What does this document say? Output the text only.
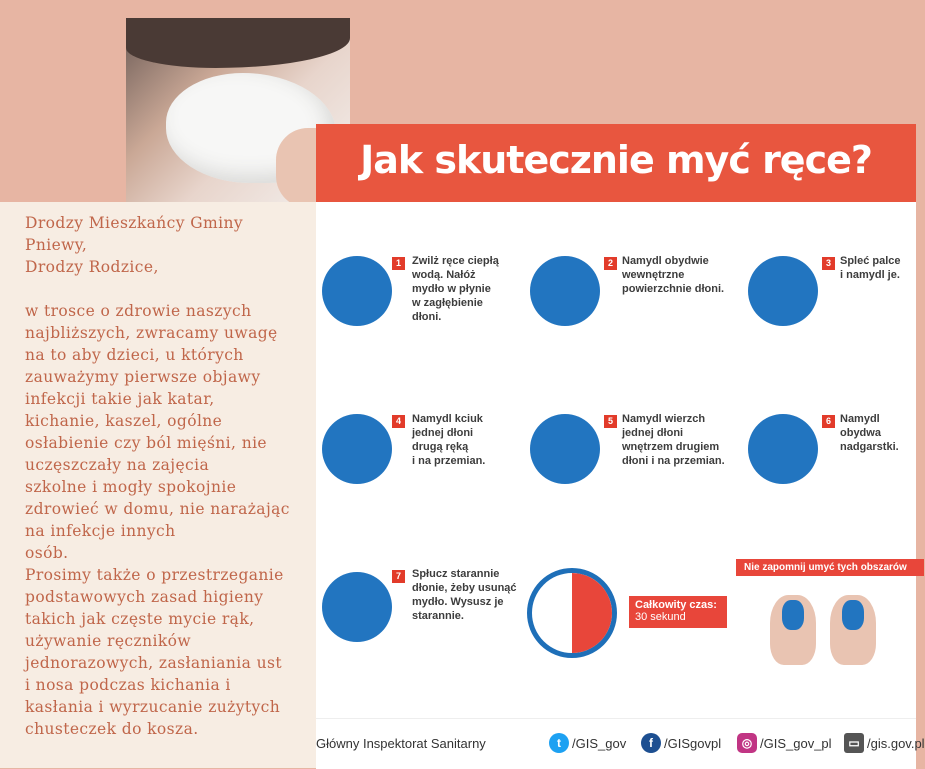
Drodzy Mieszkańcy Gminy
Pniewy,
Drodzy Rodzice,

w trosce o zdrowie naszych
najbliższych, zwracamy uwagę
na to aby dzieci, u których
zauważymy pierwsze objawy
infekcji takie jak katar,
kichanie, kaszel, ogólne
osłabienie czy ból mięśni, nie
uczęszczały na zajęcia
szkolne i mogły spokojnie
zdrowieć w domu, nie narażając
na infekcje innych
osób.
Prosimy także o przestrzeganie
podstawowych zasad higieny
takich jak częste mycie rąk,
używanie ręczników
jednorazowych, zasłaniania ust
i nosa podczas kichania i
kasłania i wyrzucanie zużytych
chusteczek do kosza.
Jak skutecznie myć ręce?
1	Zwilż ręce ciepłą
wodą. Nałóż
mydło w płynie
w zagłębienie
dłoni.
2 Namydl obydwie
wewnętrzne
powierzchnie dłoni.
3 Spleć palce
i namydl je.
4	Namydl kciuk
jednej dłoni
drugą ręką
i na przemian.
5 Namydl wierzch
jednej dłoni
wnętrzem drugiem
dłoni i na przemian.
6 Namydl obydwa
nadgarstki.
7	Spłucz starannie
dłonie, żeby usunąć
mydło. Wysusz je
starannie.
Całkowity czas:
30 sekund
Nie zapomnij umyć tych obszarów
Główny Inspektorat Sanitarny	t /GIS_gov	f /GISgovpl	◎ /GIS_gov_pl	▭ /gis.gov.pl
